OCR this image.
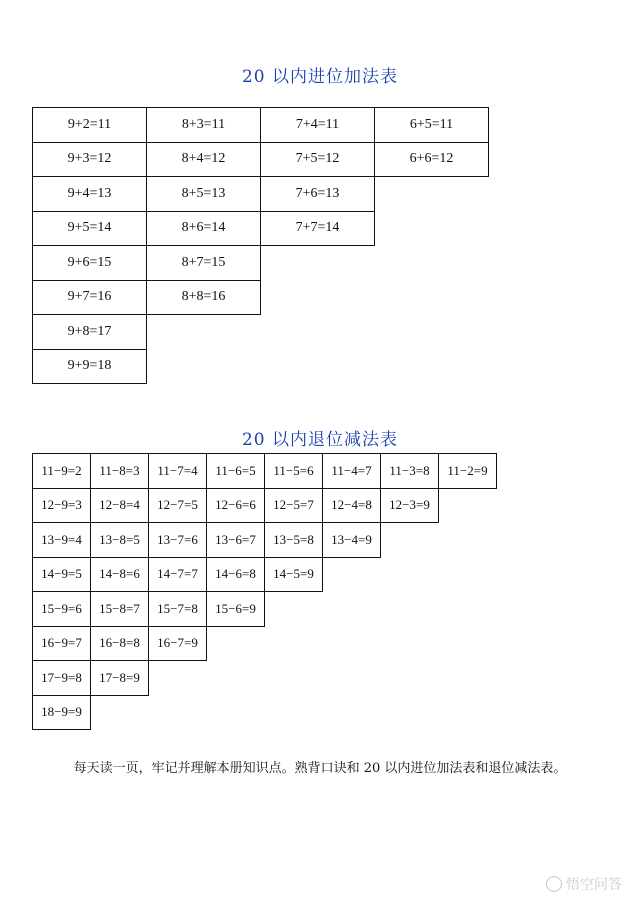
20 以内进位加法表
9+2=11	8+3=11	7+4=11	6+5=11
9+3=12	8+4=12	7+5=12	6+6=12
9+4=13	8+5=13	7+6=13	
9+5=14	8+6=14	7+7=14	
9+6=15	8+7=15		
9+7=16	8+8=16		
9+8=17			
9+9=18			
20 以内退位减法表
11−9=2	11−8=3	11−7=4	11−6=5	11−5=6	11−4=7	11−3=8	11−2=9
12−9=3	12−8=4	12−7=5	12−6=6	12−5=7	12−4=8	12−3=9	
13−9=4	13−8=5	13−7=6	13−6=7	13−5=8	13−4=9		
14−9=5	14−8=6	14−7=7	14−6=8	14−5=9			
15−9=6	15−8=7	15−7=8	15−6=9				
16−9=7	16−8=8	16−7=9					
17−9=8	17−8=9						
18−9=9							
每天读一页，牢记并理解本册知识点。熟背口诀和 20 以内进位加法表和退位减法表。
悟空问答
